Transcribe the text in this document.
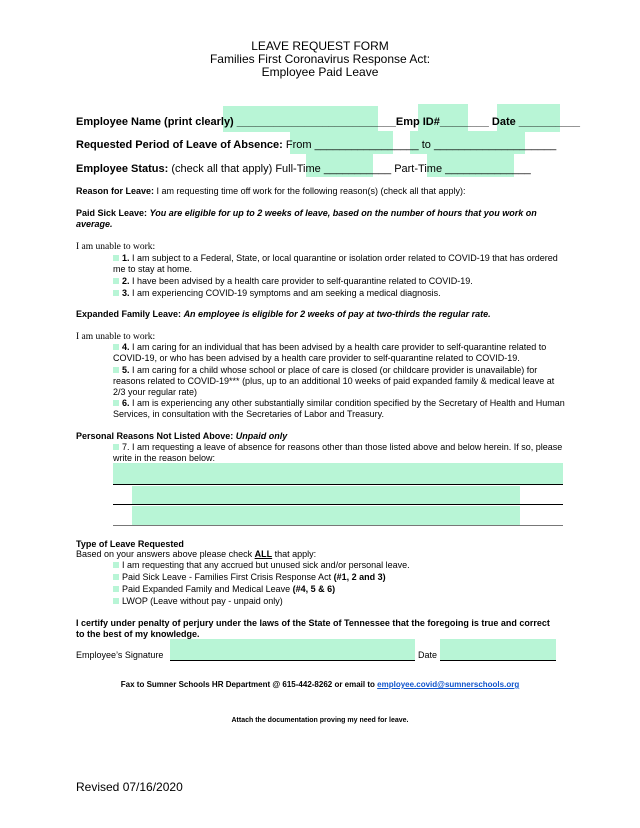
LEAVE REQUEST FORM
Families First Coronavirus Response Act:
Employee Paid Leave
Employee Name (print clearly) __________________________Emp ID#________ Date __________
Requested Period of Leave of Absence: From _________________ to ____________________
Employee Status: (check all that apply) Full-Time ___________ Part-Time ______________
Reason for Leave: I am requesting time off work for the following reason(s) (check all that apply):
Paid Sick Leave: You are eligible for up to 2 weeks of leave, based on the number of hours that you work on average.
I am unable to work:
1. I am subject to a Federal, State, or local quarantine or isolation order related to COVID-19 that has ordered me to stay at home.
2. I have been advised by a health care provider to self-quarantine related to COVID-19.
3. I am experiencing COVID-19 symptoms and am seeking a medical diagnosis.
Expanded Family Leave: An employee is eligible for 2 weeks of pay at two-thirds the regular rate.
I am unable to work:
4. I am caring for an individual that has been advised by a health care provider to self-quarantine related to COVID-19, or who has been advised by a health care provider to self-quarantine related to COVID-19.
5. I am caring for a child whose school or place of care is closed (or childcare provider is unavailable) for reasons related to COVID-19*** (plus, up to an additional 10 weeks of paid expanded family & medical leave at 2/3 your regular rate)
6. I am is experiencing any other substantially similar condition specified by the Secretary of Health and Human Services, in consultation with the Secretaries of Labor and Treasury.
Personal Reasons Not Listed Above: Unpaid only
7. I am requesting a leave of absence for reasons other than those listed above and below herein. If so, please write in the reason below:
Type of Leave Requested
Based on your answers above please check ALL that apply:
I am requesting that any accrued but unused sick and/or personal leave.
Paid Sick Leave - Families First Crisis Response Act (#1, 2 and 3)
Paid Expanded Family and Medical Leave (#4, 5 & 6)
LWOP (Leave without pay - unpaid only)
I certify under penalty of perjury under the laws of the State of Tennessee that the foregoing is true and correct to the best of my knowledge.
Employee’s Signature	Date
Fax to Sumner Schools HR Department @ 615-442-8262 or email to employee.covid@sumnerschools.org
Attach the documentation proving my need for leave.
Revised 07/16/2020
